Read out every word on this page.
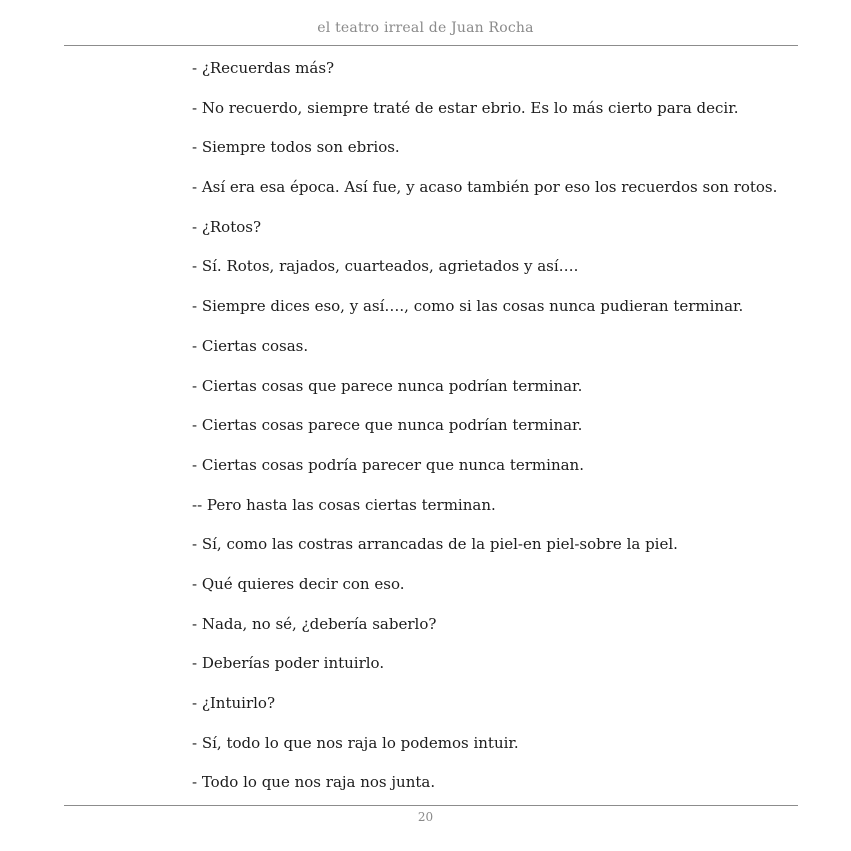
el teatro irreal de Juan Rocha
- ¿Recuerdas más?
- No recuerdo, siempre traté de estar ebrio. Es lo más cierto para decir.
- Siempre todos son ebrios.
- Así era esa época. Así fue, y acaso también por eso los recuerdos son rotos.
- ¿Rotos?
- Sí. Rotos, rajados, cuarteados, agrietados y así….
- Siempre dices eso, y así…., como si las cosas nunca pudieran terminar.
- Ciertas cosas.
- Ciertas cosas que parece nunca podrían terminar.
- Ciertas cosas parece que nunca podrían terminar.
- Ciertas cosas podría parecer que nunca terminan.
-- Pero hasta las cosas ciertas terminan.
- Sí, como las costras arrancadas de la piel-en piel-sobre la piel.
- Qué quieres decir con eso.
- Nada, no sé, ¿debería saberlo?
- Deberías poder intuirlo.
- ¿Intuirlo?
- Sí, todo lo que nos raja lo podemos intuir.
- Todo lo que nos raja nos junta.
20
